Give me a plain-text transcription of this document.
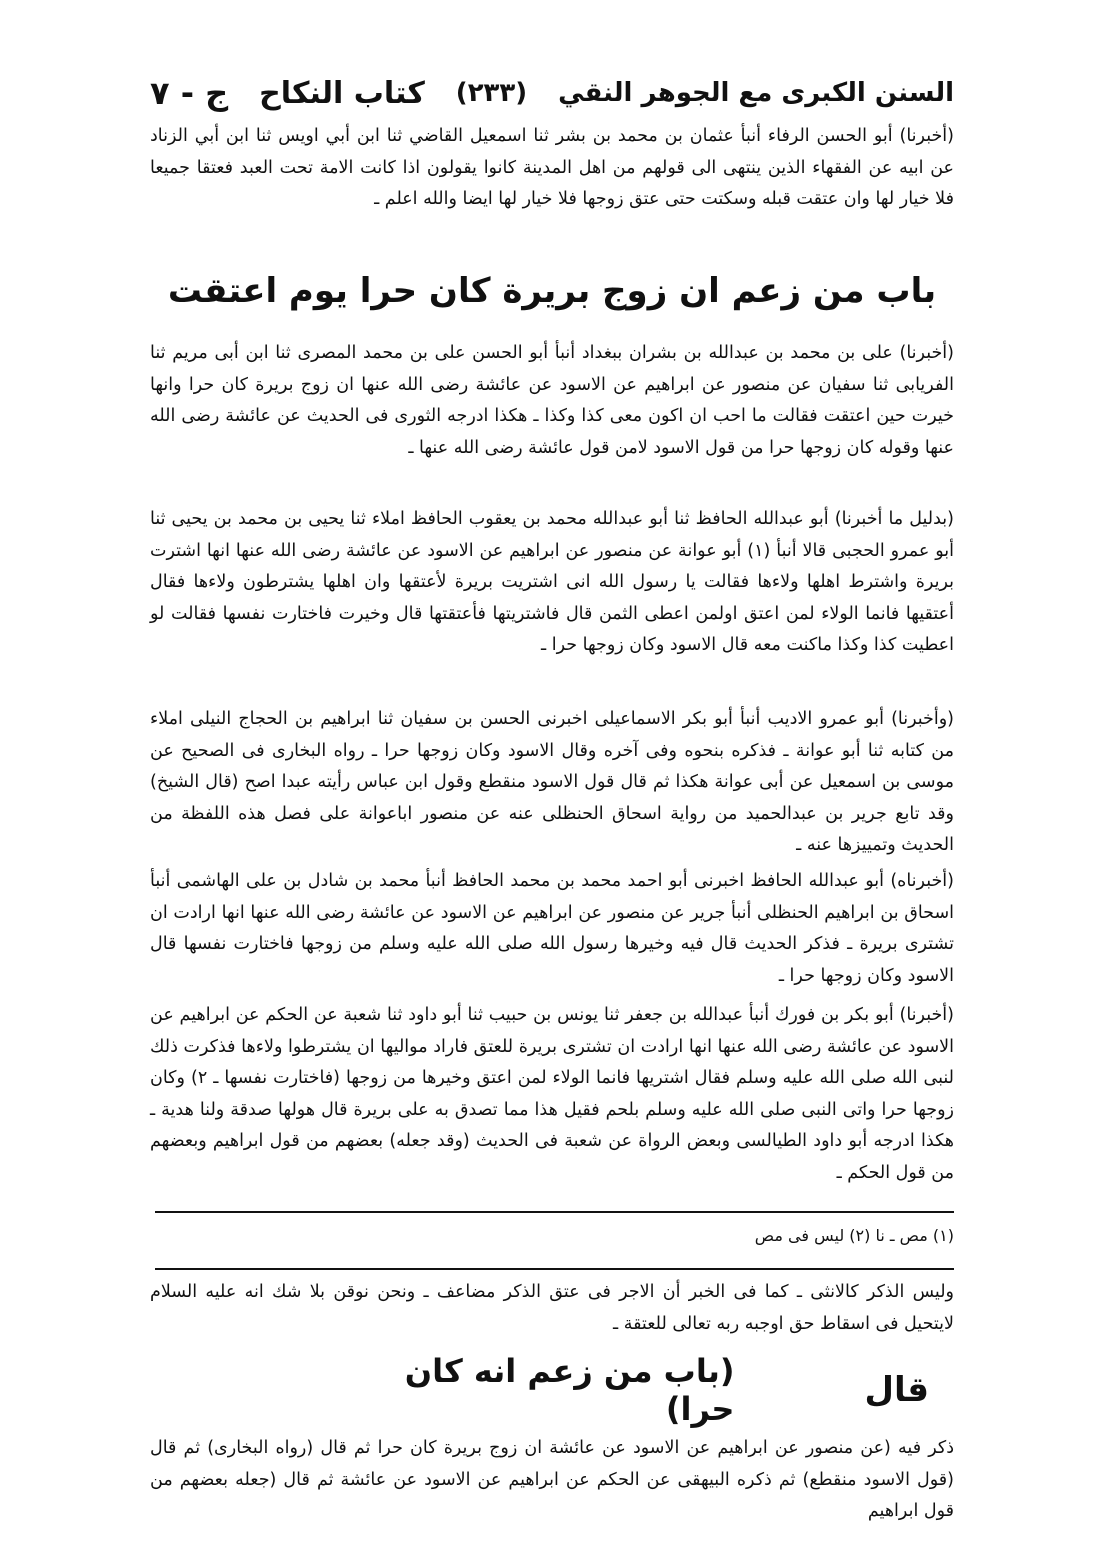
السنن الكبرى مع الجوهر النقي
(٢٣٣)
كتاب النكاح
ج - ٧

(أخبرنا) أبو الحسن الرفاء أنبأ عثمان بن محمد بن بشر ثنا اسمعيل القاضي ثنا ابن أبي اويس ثنا ابن أبي الزناد عن ابيه عن الفقهاء الذين ينتهى الى قولهم من اهل المدينة كانوا يقولون اذا كانت الامة تحت العبد فعتقا جميعا فلا خيار لها وان عتقت قبله وسكتت حتى عتق زوجها فلا خيار لها ايضا والله اعلم ـ

باب من زعم ان زوج بريرة كان حرا يوم اعتقت

(أخبرنا) على بن محمد بن عبدالله بن بشران ببغداد أنبأ أبو الحسن على بن محمد المصرى ثنا ابن أبى مريم ثنا الفريابى ثنا سفيان عن منصور عن ابراهيم عن الاسود عن عائشة رضى الله عنها ان زوج بريرة كان حرا وانها خيرت حين اعتقت فقالت ما احب ان اكون معى كذا وكذا ـ هكذا ادرجه الثورى فى الحديث عن عائشة رضى الله عنها وقوله كان زوجها حرا من قول الاسود لامن قول عائشة رضى الله عنها ـ

(بدليل ما أخبرنا) أبو عبدالله الحافظ ثنا أبو عبدالله محمد بن يعقوب الحافظ املاء ثنا يحيى بن محمد بن يحيى ثنا أبو عمرو الحجبى قالا أنبأ (١) أبو عوانة عن منصور عن ابراهيم عن الاسود عن عائشة رضى الله عنها انها اشترت بريرة واشترط اهلها ولاءها فقالت يا رسول الله انى اشتريت بريرة لأعتقها وان اهلها يشترطون ولاءها فقال أعتقيها فانما الولاء لمن اعتق اولمن اعطى الثمن قال فاشتريتها فأعتقتها قال وخيرت فاختارت نفسها فقالت لو اعطيت كذا وكذا ماكنت معه قال الاسود وكان زوجها حرا ـ

(وأخبرنا) أبو عمرو الاديب أنبأ أبو بكر الاسماعيلى اخبرنى الحسن بن سفيان ثنا ابراهيم بن الحجاج النيلى املاء من كتابه ثنا أبو عوانة ـ فذكره بنحوه وفى آخره وقال الاسود وكان زوجها حرا ـ رواه البخارى فى الصحيح عن موسى بن اسمعيل عن أبى عوانة هكذا ثم قال قول الاسود منقطع وقول ابن عباس رأيته عبدا اصح (قال الشيخ) وقد تابع جرير بن عبدالحميد من رواية اسحاق الحنظلى عنه عن منصور اباعوانة على فصل هذه اللفظة من الحديث وتمييزها عنه ـ

(أخبرناه) أبو عبدالله الحافظ اخبرنى أبو احمد محمد بن محمد الحافظ أنبأ محمد بن شادل بن على الهاشمى أنبأ اسحاق بن ابراهيم الحنظلى أنبأ جرير عن منصور عن ابراهيم عن الاسود عن عائشة رضى الله عنها انها ارادت ان تشترى بريرة ـ فذكر الحديث قال فيه وخيرها رسول الله صلى الله عليه وسلم من زوجها فاختارت نفسها قال الاسود وكان زوجها حرا ـ

(أخبرنا) أبو بكر بن فورك أنبأ عبدالله بن جعفر ثنا يونس بن حبيب ثنا أبو داود ثنا شعبة عن الحكم عن ابراهيم عن الاسود عن عائشة رضى الله عنها انها ارادت ان تشترى بريرة للعتق فاراد مواليها ان يشترطوا ولاءها فذكرت ذلك لنبى الله صلى الله عليه وسلم فقال اشتريها فانما الولاء لمن اعتق وخيرها من زوجها (فاختارت نفسها ـ ٢) وكان زوجها حرا واتى النبى صلى الله عليه وسلم بلحم فقيل هذا مما تصدق به على بريرة قال هولها صدقة ولنا هدية ـ هكذا ادرجه أبو داود الطيالسى وبعض الرواة عن شعبة فى الحديث (وقد جعله) بعضهم من قول ابراهيم وبعضهم من قول الحكم ـ

(١) مص ـ نا (٢) ليس فى مص

وليس الذكر كالانثى ـ كما فى الخبر أن الاجر فى عتق الذكر مضاعف ـ ونحن نوقن بلا شك انه عليه السلام لايتحيل فى اسقاط حق اوجبه ربه تعالى للعتقة ـ

قال
(باب من زعم انه كان حرا)

ذكر فيه (عن منصور عن ابراهيم عن الاسود عن عائشة ان زوج بريرة كان حرا ثم قال (رواه البخارى) ثم قال (قول الاسود منقطع) ثم ذكره البيهقى عن الحكم عن ابراهيم عن الاسود عن عائشة ثم قال (جعله بعضهم من قول ابراهيم
